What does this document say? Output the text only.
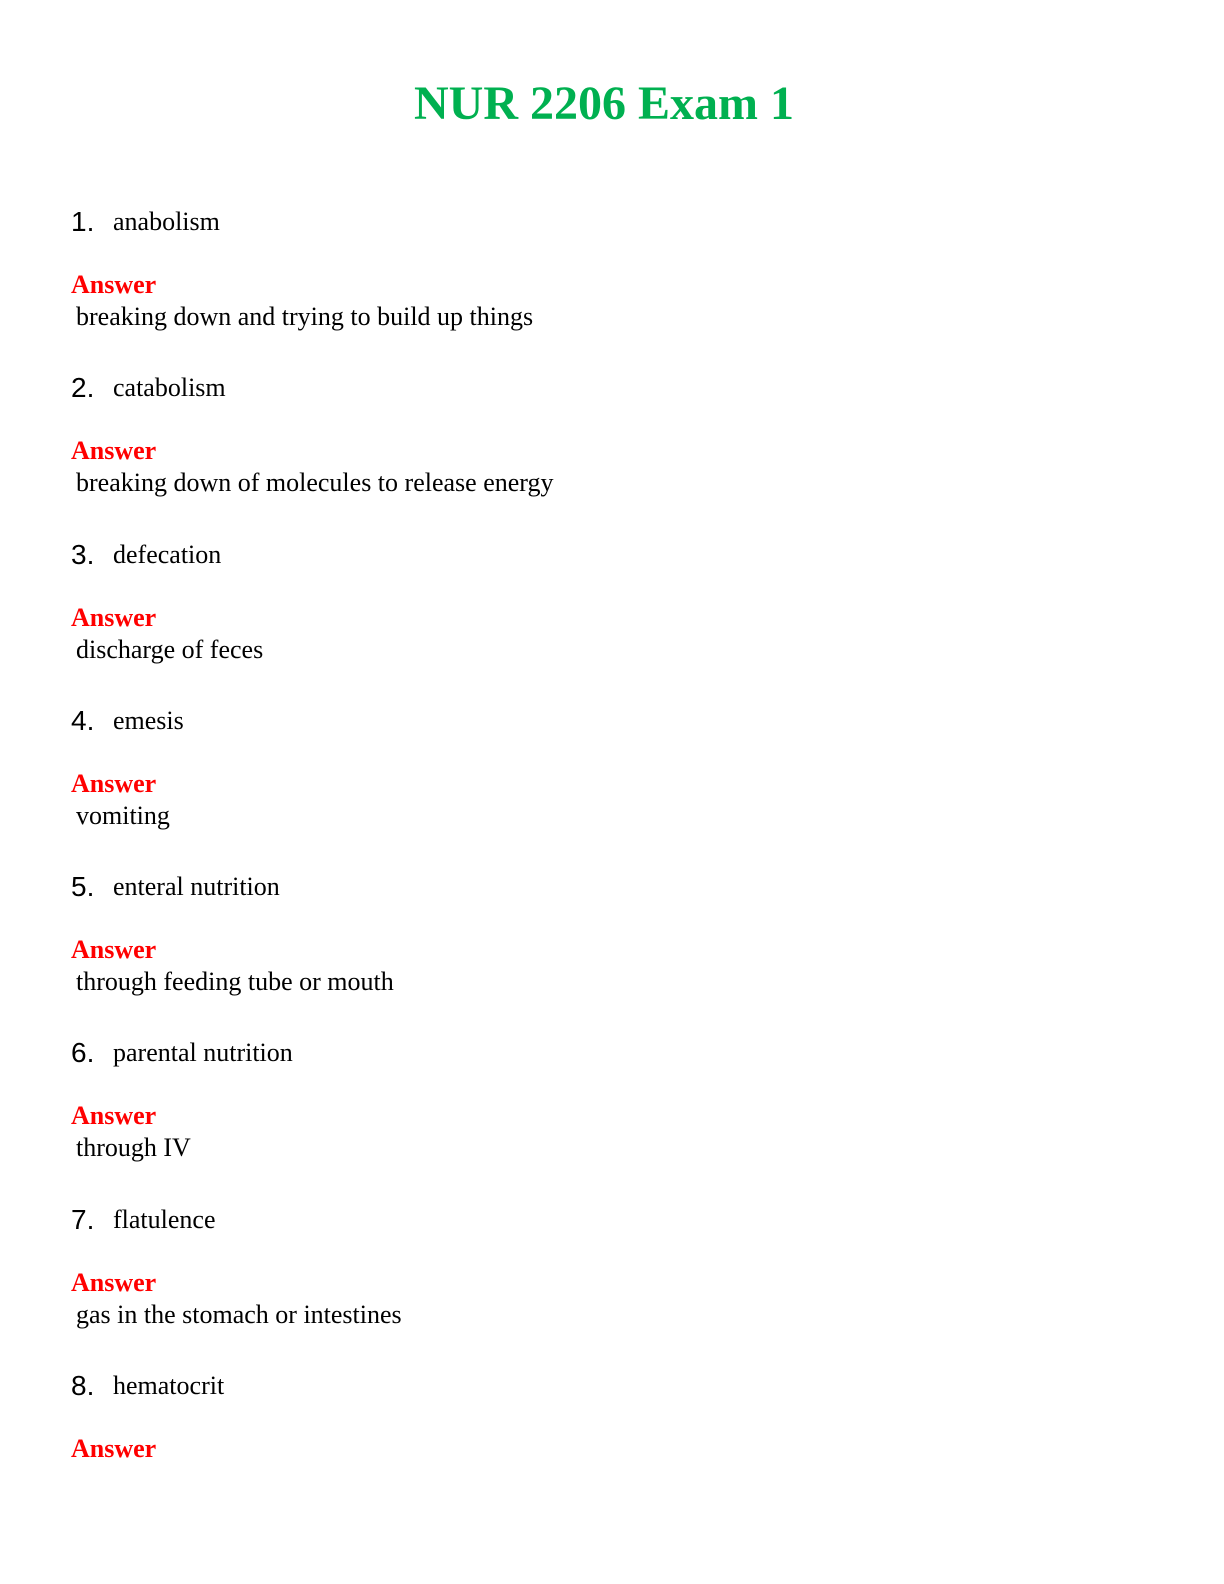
NUR 2206 Exam 1
1. anabolism
Answer
breaking down and trying to build up things
2. catabolism
Answer
breaking down of molecules to release energy
3. defecation
Answer
discharge of feces
4. emesis
Answer
vomiting
5. enteral nutrition
Answer
through feeding tube or mouth
6. parental nutrition
Answer
through IV
7. flatulence
Answer
gas in the stomach or intestines
8. hematocrit
Answer
